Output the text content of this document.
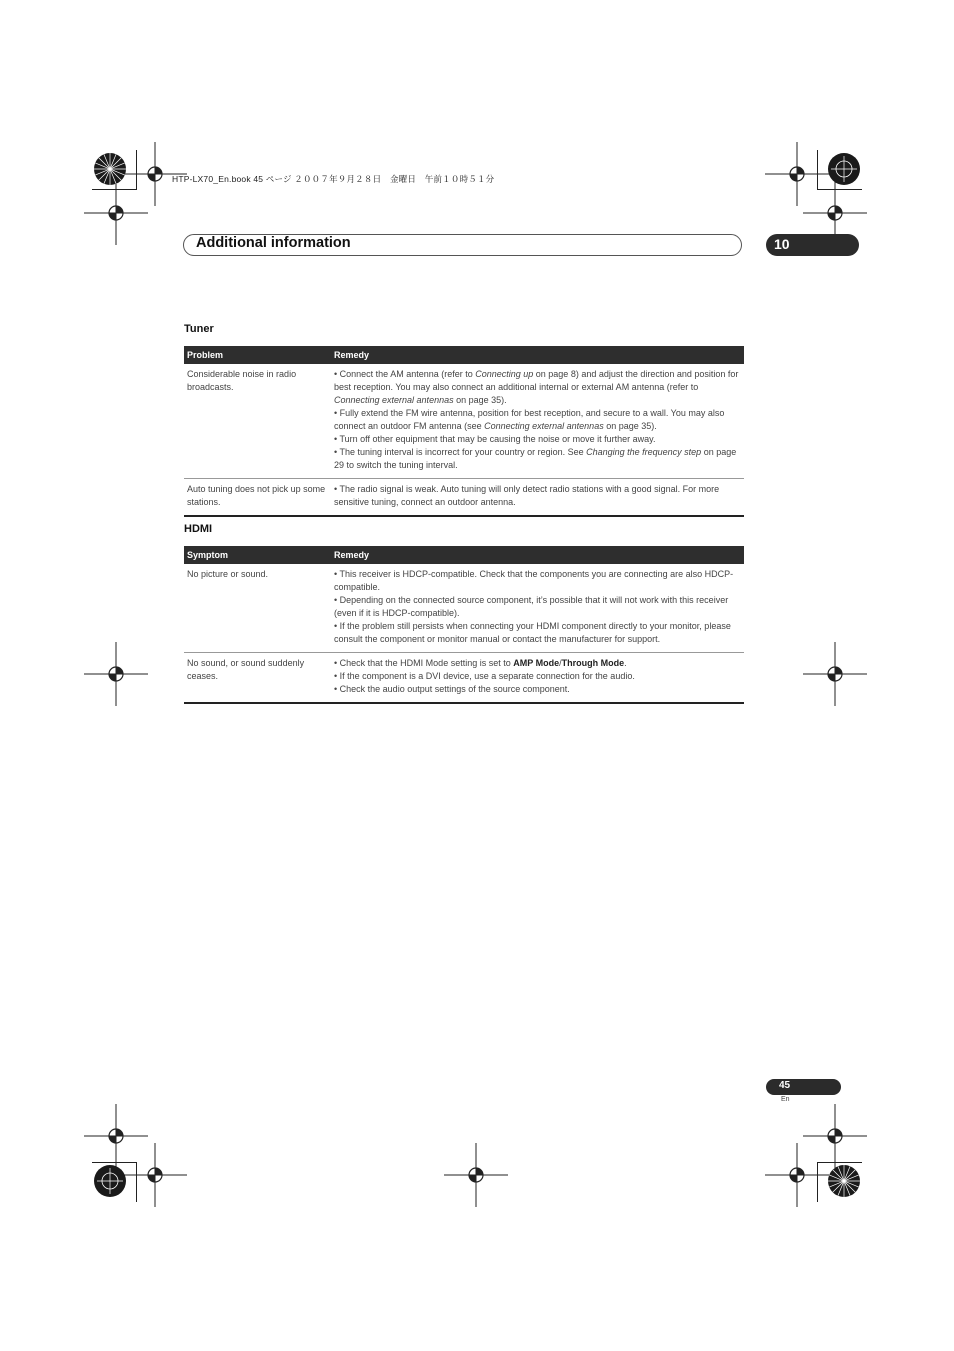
HTP-LX70_En.book 45 ページ ２００７年９月２８日　金曜日　午前１０時５１分
Additional information	10
Tuner
Problem	Remedy
Considerable noise in radio broadcasts.	• Connect the AM antenna (refer to Connecting up on page 8) and adjust the direction and position for best reception. You may also connect an additional internal or external AM antenna (refer to Connecting external antennas on page 35).
• Fully extend the FM wire antenna, position for best reception, and secure to a wall. You may also connect an outdoor FM antenna (see Connecting external antennas on page 35).
• Turn off other equipment that may be causing the noise or move it further away.
• The tuning interval is incorrect for your country or region. See Changing the frequency step on page 29 to switch the tuning interval.

Auto tuning does not pick up some stations.	• The radio signal is weak. Auto tuning will only detect radio stations with a good signal. For more sensitive tuning, connect an outdoor antenna.
HDMI
Symptom	Remedy
No picture or sound.	• This receiver is HDCP-compatible. Check that the components you are connecting are also HDCP-compatible.
• Depending on the connected source component, it’s possible that it will not work with this receiver (even if it is HDCP-compatible).
• If the problem still persists when connecting your HDMI component directly to your monitor, please consult the component or monitor manual or contact the manufacturer for support.

No sound, or sound suddenly ceases.	• Check that the HDMI Mode setting is set to AMP Mode/Through Mode.
• If the component is a DVI device, use a separate connection for the audio.
• Check the audio output settings of the source component.
45
En
